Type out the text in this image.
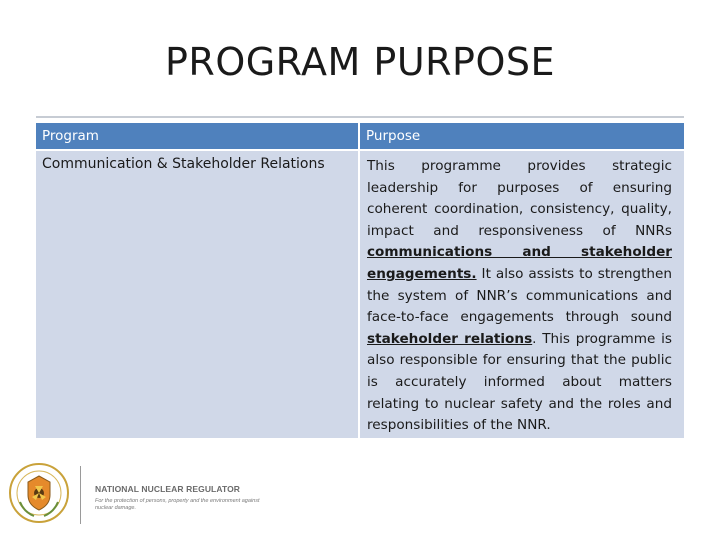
PROGRAM PURPOSE
Program	Purpose
Communication & Stakeholder Relations	This programme provides strategic leadership for purposes of ensuring coherent coordination, consistency, quality, impact and responsiveness of NNRs communications and stakeholder engagements. It also assists to strengthen the system of NNR’s communications and face-to-face engagements through sound stakeholder relations. This programme is also responsible for ensuring that the public is accurately informed about matters relating to nuclear safety and the roles and responsibilities of the NNR.
NATIONAL NUCLEAR REGULATOR
For the protection of persons, property and the environment against nuclear damage.
